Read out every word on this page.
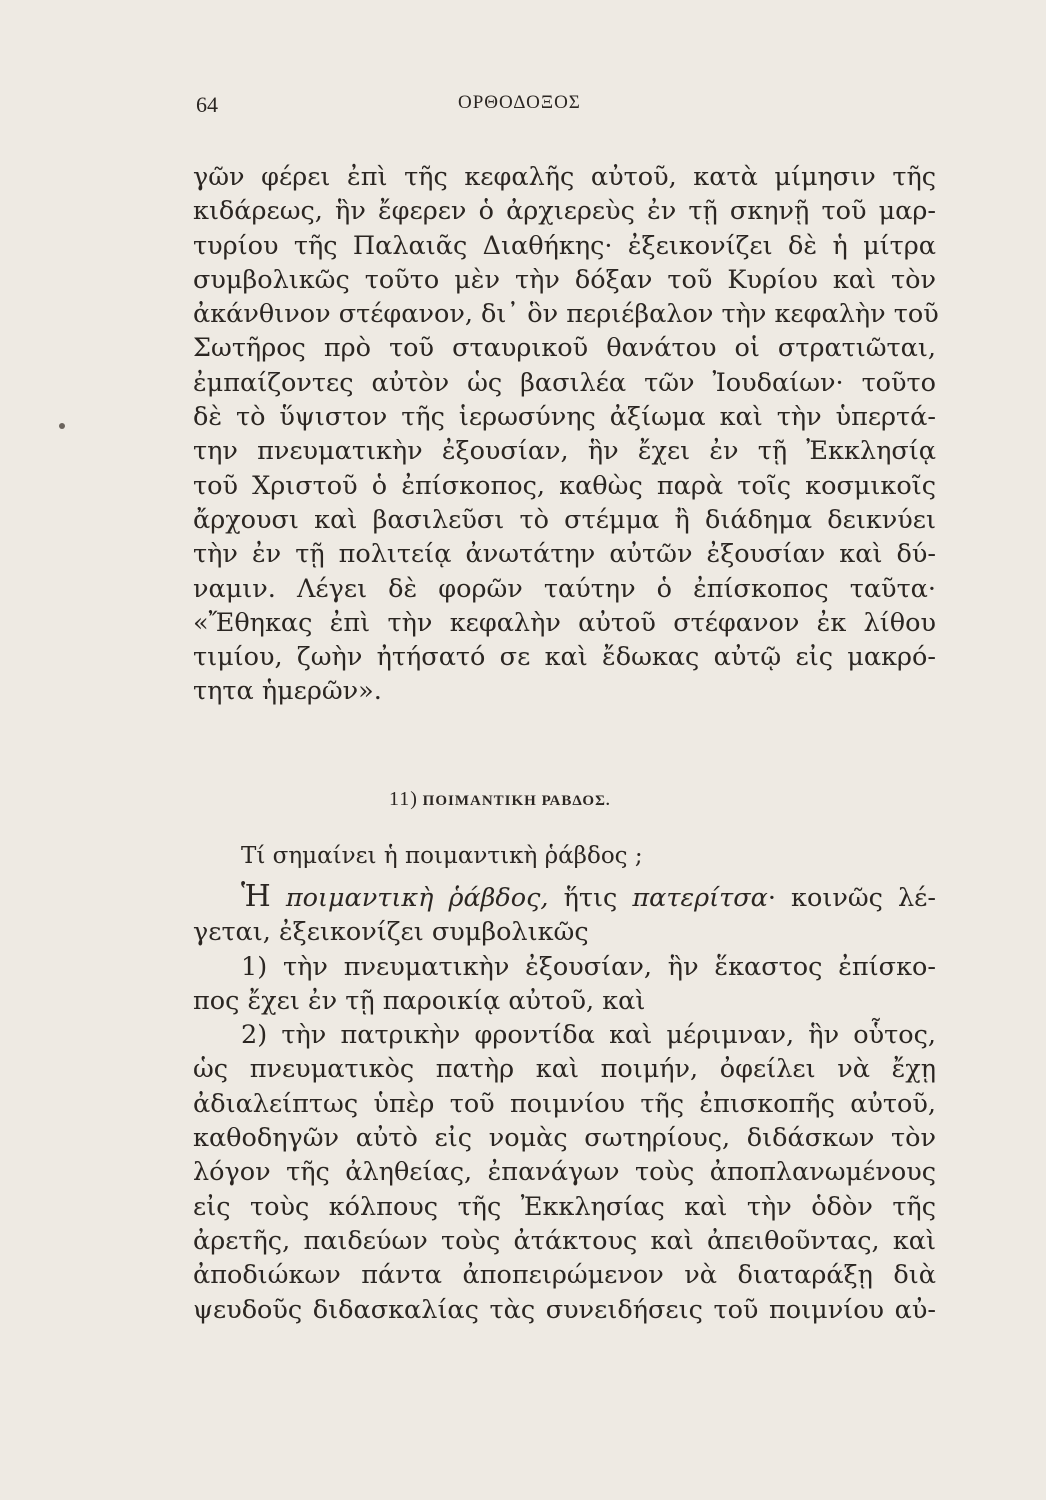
64	ΟΡΘΟΔΟΞΟΣ
γῶν φέρει ἐπὶ τῆς κεφαλῆς αὐτοῦ, κατὰ μίμησιν τῆς
κιδάρεως, ἣν ἔφερεν ὁ ἀρχιερεὺς ἐν τῇ σκηνῇ τοῦ μαρ-
τυρίου τῆς Παλαιᾶς Διαθήκης· ἐξεικονίζει δὲ ἡ μίτρα
συμβολικῶς τοῦτο μὲν τὴν δόξαν τοῦ Κυρίου καὶ τὸν
ἀκάνθινον στέφανον, δι᾽ ὃν περιέβαλον τὴν κεφαλὴν τοῦ
Σωτῆρος πρὸ τοῦ σταυρικοῦ θανάτου οἱ στρατιῶται,
ἐμπαίζοντες αὐτὸν ὡς βασιλέα τῶν Ἰουδαίων· τοῦτο
δὲ τὸ ὕψιστον τῆς ἱερωσύνης ἀξίωμα καὶ τὴν ὑπερτά-
την πνευματικὴν ἐξουσίαν, ἣν ἔχει ἐν τῇ Ἐκκλησίᾳ
τοῦ Χριστοῦ ὁ ἐπίσκοπος, καθὼς παρὰ τοῖς κοσμικοῖς
ἄρχουσι καὶ βασιλεῦσι τὸ στέμμα ἢ διάδημα δεικνύει
τὴν ἐν τῇ πολιτείᾳ ἀνωτάτην αὐτῶν ἐξουσίαν καὶ δύ-
ναμιν. Λέγει δὲ φορῶν ταύτην ὁ ἐπίσκοπος ταῦτα·
«Ἔθηκας ἐπὶ τὴν κεφαλὴν αὐτοῦ στέφανον ἐκ λίθου
τιμίου, ζωὴν ἠτήσατό σε καὶ ἔδωκας αὐτῷ εἰς μακρό-
τητα ἡμερῶν».
11) ΠΟΙΜΑΝΤΙΚΗ ΡΑΒΔΟΣ.
Τί σημαίνει ἡ ποιμαντικὴ ῥάβδος ;
Ἡ ποιμαντικὴ ῥάβδος, ἥτις πατερίτσα· κοινῶς λέ-
γεται, ἐξεικονίζει συμβολικῶς
1) τὴν πνευματικὴν ἐξουσίαν, ἣν ἕκαστος ἐπίσκο-
πος ἔχει ἐν τῇ παροικίᾳ αὐτοῦ, καὶ
2) τὴν πατρικὴν φροντίδα καὶ μέριμναν, ἣν οὗτος,
ὡς πνευματικὸς πατὴρ καὶ ποιμήν, ὀφείλει νὰ ἔχῃ
ἀδιαλείπτως ὑπὲρ τοῦ ποιμνίου τῆς ἐπισκοπῆς αὐτοῦ,
καθοδηγῶν αὐτὸ εἰς νομὰς σωτηρίους, διδάσκων τὸν
λόγον τῆς ἀληθείας, ἐπανάγων τοὺς ἀποπλανωμένους
εἰς τοὺς κόλπους τῆς Ἐκκλησίας καὶ τὴν ὁδὸν τῆς
ἀρετῆς, παιδεύων τοὺς ἀτάκτους καὶ ἀπειθοῦντας, καὶ
ἀποδιώκων πάντα ἀποπειρώμενον νὰ διαταράξῃ διὰ
ψευδοῦς διδασκαλίας τὰς συνειδήσεις τοῦ ποιμνίου αὐ-
